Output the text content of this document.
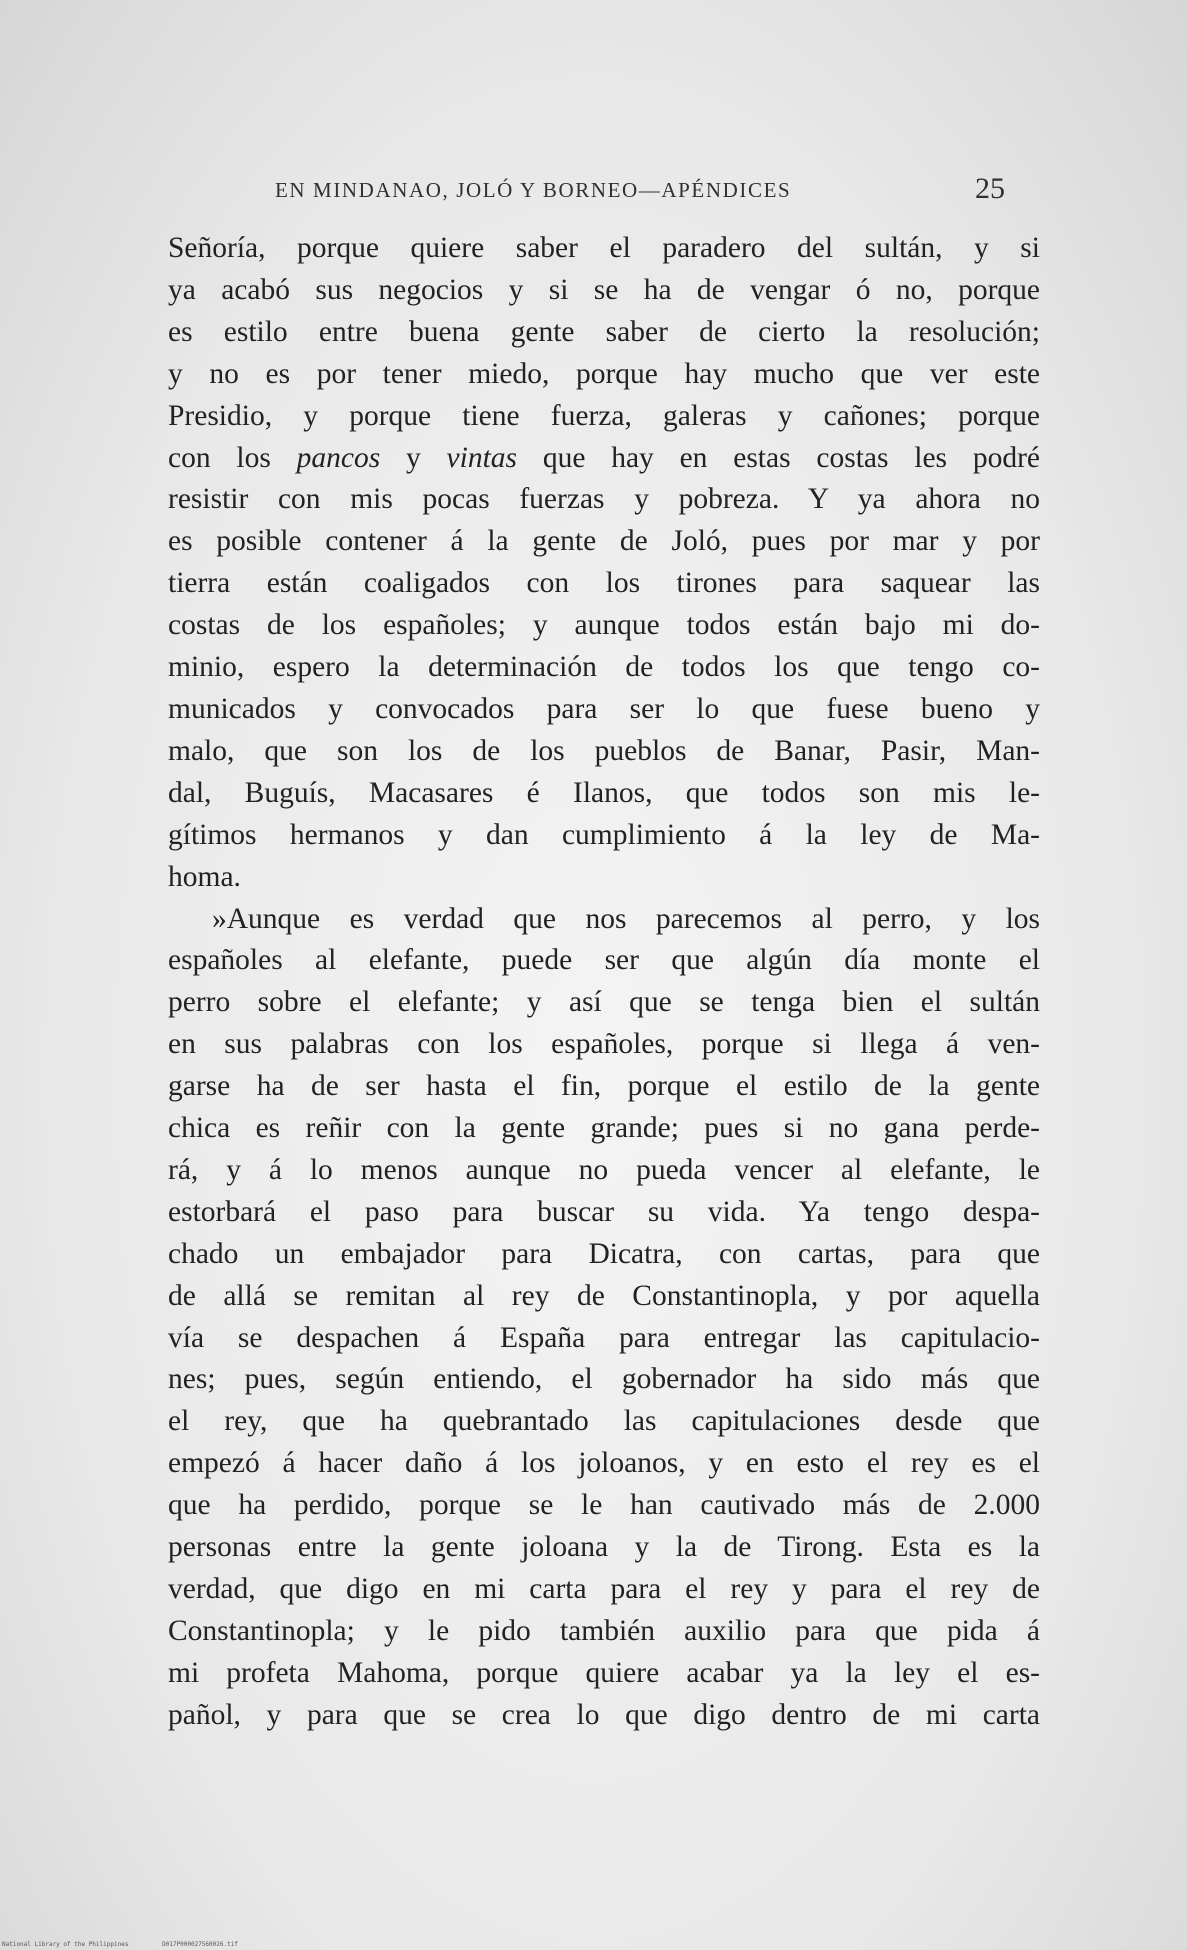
EN MINDANAO, JOLÓ Y BORNEO—APÉNDICES	25
Señoría, porque quiere saber el paradero del sultán, y si
ya acabó sus negocios y si se ha de vengar ó no, porque
es estilo entre buena gente saber de cierto la resolución;
y no es por tener miedo, porque hay mucho que ver este
Presidio, y porque tiene fuerza, galeras y cañones; porque
con los pancos y vintas que hay en estas costas les podré
resistir con mis pocas fuerzas y pobreza. Y ya ahora no
es posible contener á la gente de Joló, pues por mar y por
tierra están coaligados con los tirones para saquear las
costas de los españoles; y aunque todos están bajo mi do-
minio, espero la determinación de todos los que tengo co-
municados y convocados para ser lo que fuese bueno y
malo, que son los de los pueblos de Banar, Pasir, Man-
dal, Buguís, Macasares é Ilanos, que todos son mis le-
gítimos hermanos y dan cumplimiento á la ley de Ma-
homa.
»Aunque es verdad que nos parecemos al perro, y los
españoles al elefante, puede ser que algún día monte el
perro sobre el elefante; y así que se tenga bien el sultán
en sus palabras con los españoles, porque si llega á ven-
garse ha de ser hasta el fin, porque el estilo de la gente
chica es reñir con la gente grande; pues si no gana perde-
rá, y á lo menos aunque no pueda vencer al elefante, le
estorbará el paso para buscar su vida. Ya tengo despa-
chado un embajador para Dicatra, con cartas, para que
de allá se remitan al rey de Constantinopla, y por aquella
vía se despachen á España para entregar las capitulacio-
nes; pues, según entiendo, el gobernador ha sido más que
el rey, que ha quebrantado las capitulaciones desde que
empezó á hacer daño á los joloanos, y en esto el rey es el
que ha perdido, porque se le han cautivado más de 2.000
personas entre la gente joloana y la de Tirong. Esta es la
verdad, que digo en mi carta para el rey y para el rey de
Constantinopla; y le pido también auxilio para que pida á
mi profeta Mahoma, porque quiere acabar ya la ley el es-
pañol, y para que se crea lo que digo dentro de mi carta
National Library of the Philippines	D017P000027560026.tif
